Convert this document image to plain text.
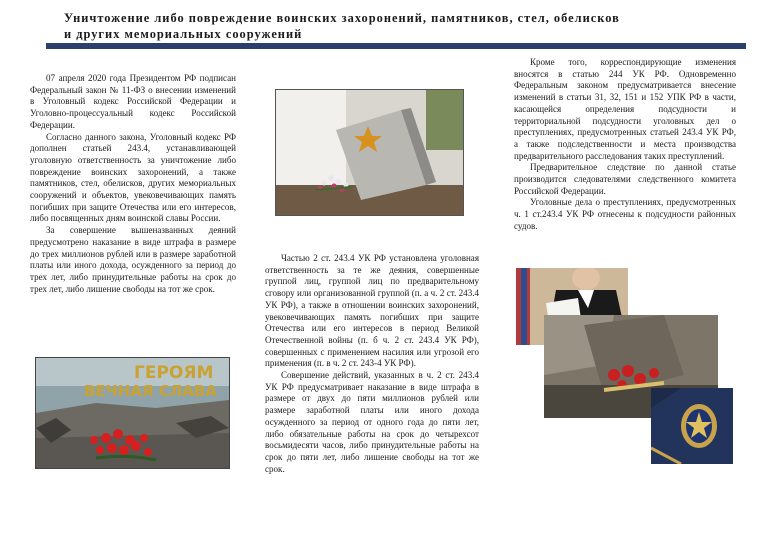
Уничтожение либо повреждение воинских захоронений, памятников, стел, обелисков
и других мемориальных сооружений

07 апреля 2020 года Президентом РФ подписан Федеральный закон № 11-ФЗ о внесении изменений в Уголовный кодекс Российской Федерации и Уголовно-процессуальный кодекс Российской Федерации.

Согласно данного закона, Уголовный кодекс РФ дополнен статьей 243.4, устанавливающей уголовную ответственность за уничтожение либо повреждение воинских захоронений, а также памятников, стел, обелисков, других мемориальных сооружений и объектов, увековечивающих память погибших при защите Отечества или его интересов, либо посвященных дням воинской славы России.

За совершение вышеназванных деяний предусмотрено наказание в виде штрафа в размере до трех миллионов рублей или в размере заработной платы или иного дохода, осужденного за период до трех лет, либо принудительные работы на срок до трех лет, либо лишение свободы на тот же срок.

Частью 2 ст. 243.4 УК РФ установлена уголовная ответственность за те же деяния, совершенные группой лиц, группой лиц по предварительному сговору или организованной группой (п. а ч. 2 ст. 243.4 УК РФ), а также в отношении воинских захоронений, увековечивающих память погибших при защите Отечества или его интересов в период Великой Отечественной войны (п. б ч. 2 ст. 243.4 УК РФ), совершенных с применением насилия или угрозой его применения (п. в ч. 2 ст. 243-4 УК РФ).

Совершение действий, указанных в ч. 2 ст. 243.4 УК РФ предусматривает наказание в виде штрафа в размере от двух до пяти миллионов рублей или размере заработной платы или иного дохода осужденного за период от одного года до пяти лет, либо обязательные работы на срок до четырехсот восьмидесяти часов, либо принудительные работы на срок до пяти лет, либо лишение свободы на тот же срок.

Кроме того, корреспондирующие изменения вносятся в статью 244 УК РФ. Одновременно Федеральным законом предусматривается внесение изменений в статьи 31, 32, 151 и 152 УПК РФ в части, касающейся определения подсудности и территориальной подсудности уголовных дел о преступлениях, предусмотренных статьей 243.4 УК РФ, а также подследственности и места производства предварительного расследования таких преступлений.

Предварительное следствие по данной статье производится следователями следственного комитета Российской Федерации.

Уголовные дела о преступлениях, предусмотренных ч. 1 ст.243.4 УК РФ отнесены к подсудности районных судов.

ГЕРОЯМ
ВЕЧНАЯ СЛАВА
